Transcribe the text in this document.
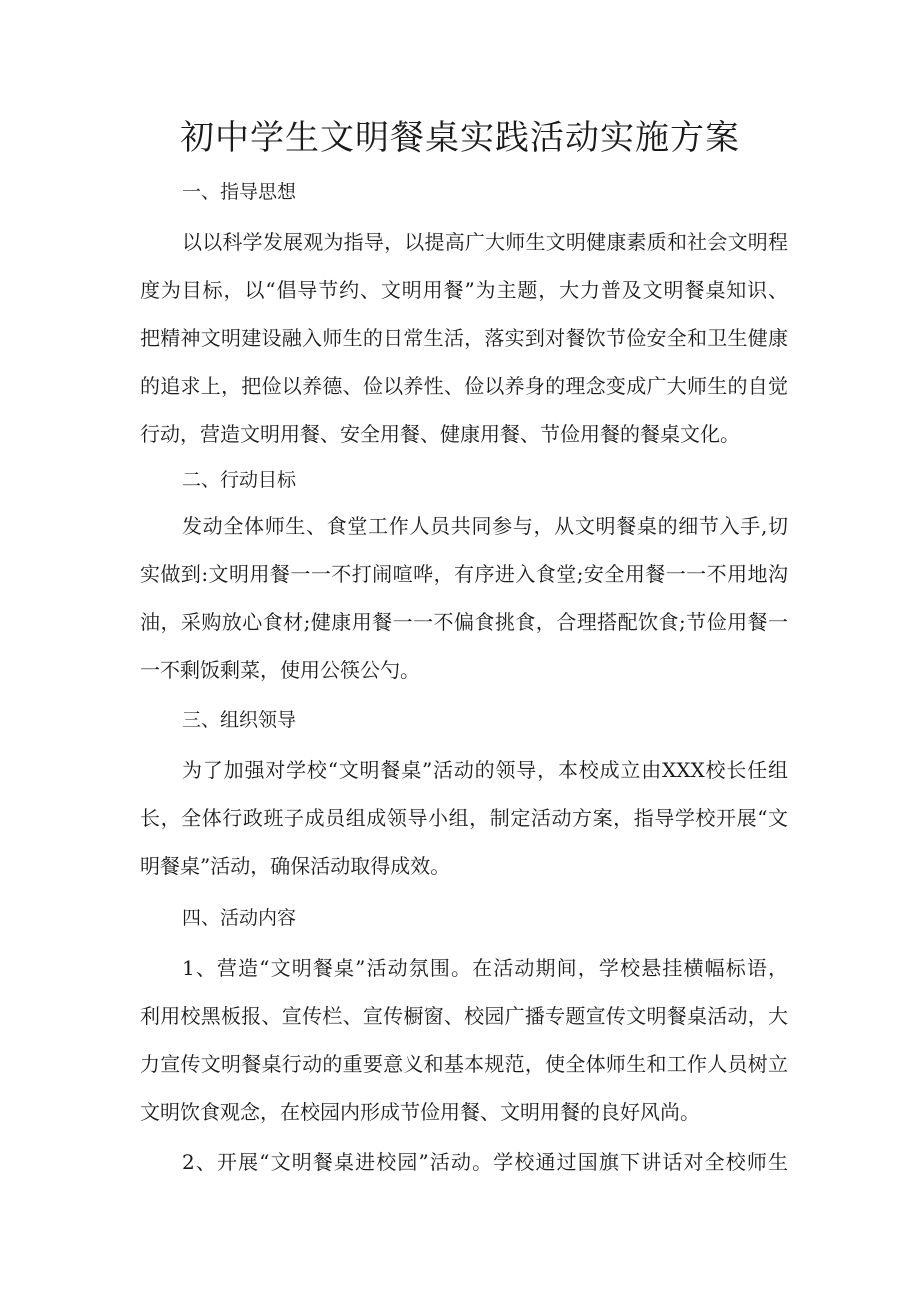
初中学生文明餐桌实践活动实施方案
一、指导思想
以以科学发展观为指导，以提高广大师生文明健康素质和社会文明程
度为目标，以“倡导节约、文明用餐”为主题，大力普及文明餐桌知识、
把精神文明建设融入师生的日常生活，落实到对餐饮节俭安全和卫生健康
的追求上，把俭以养德、俭以养性、俭以养身的理念变成广大师生的自觉
行动，营造文明用餐、安全用餐、健康用餐、节俭用餐的餐桌文化。
二、行动目标
发动全体师生、食堂工作人员共同参与，从文明餐桌的细节入手,切
实做到:文明用餐一一不打闹喧哗，有序进入食堂;安全用餐一一不用地沟
油，采购放心食材;健康用餐一一不偏食挑食，合理搭配饮食;节俭用餐一
一不剩饭剩菜，使用公筷公勺。
三、组织领导
为了加强对学校“文明餐桌”活动的领导，本校成立由XXX校长任组
长，全体行政班子成员组成领导小组，制定活动方案，指导学校开展“文
明餐桌”活动，确保活动取得成效。
四、活动内容
1、营造“文明餐桌”活动氛围。在活动期间，学校悬挂横幅标语，
利用校黑板报、宣传栏、宣传橱窗、校园广播专题宣传文明餐桌活动，大
力宣传文明餐桌行动的重要意义和基本规范，使全体师生和工作人员树立
文明饮食观念，在校园内形成节俭用餐、文明用餐的良好风尚。
2、开展“文明餐桌进校园”活动。学校通过国旗下讲话对全校师生
